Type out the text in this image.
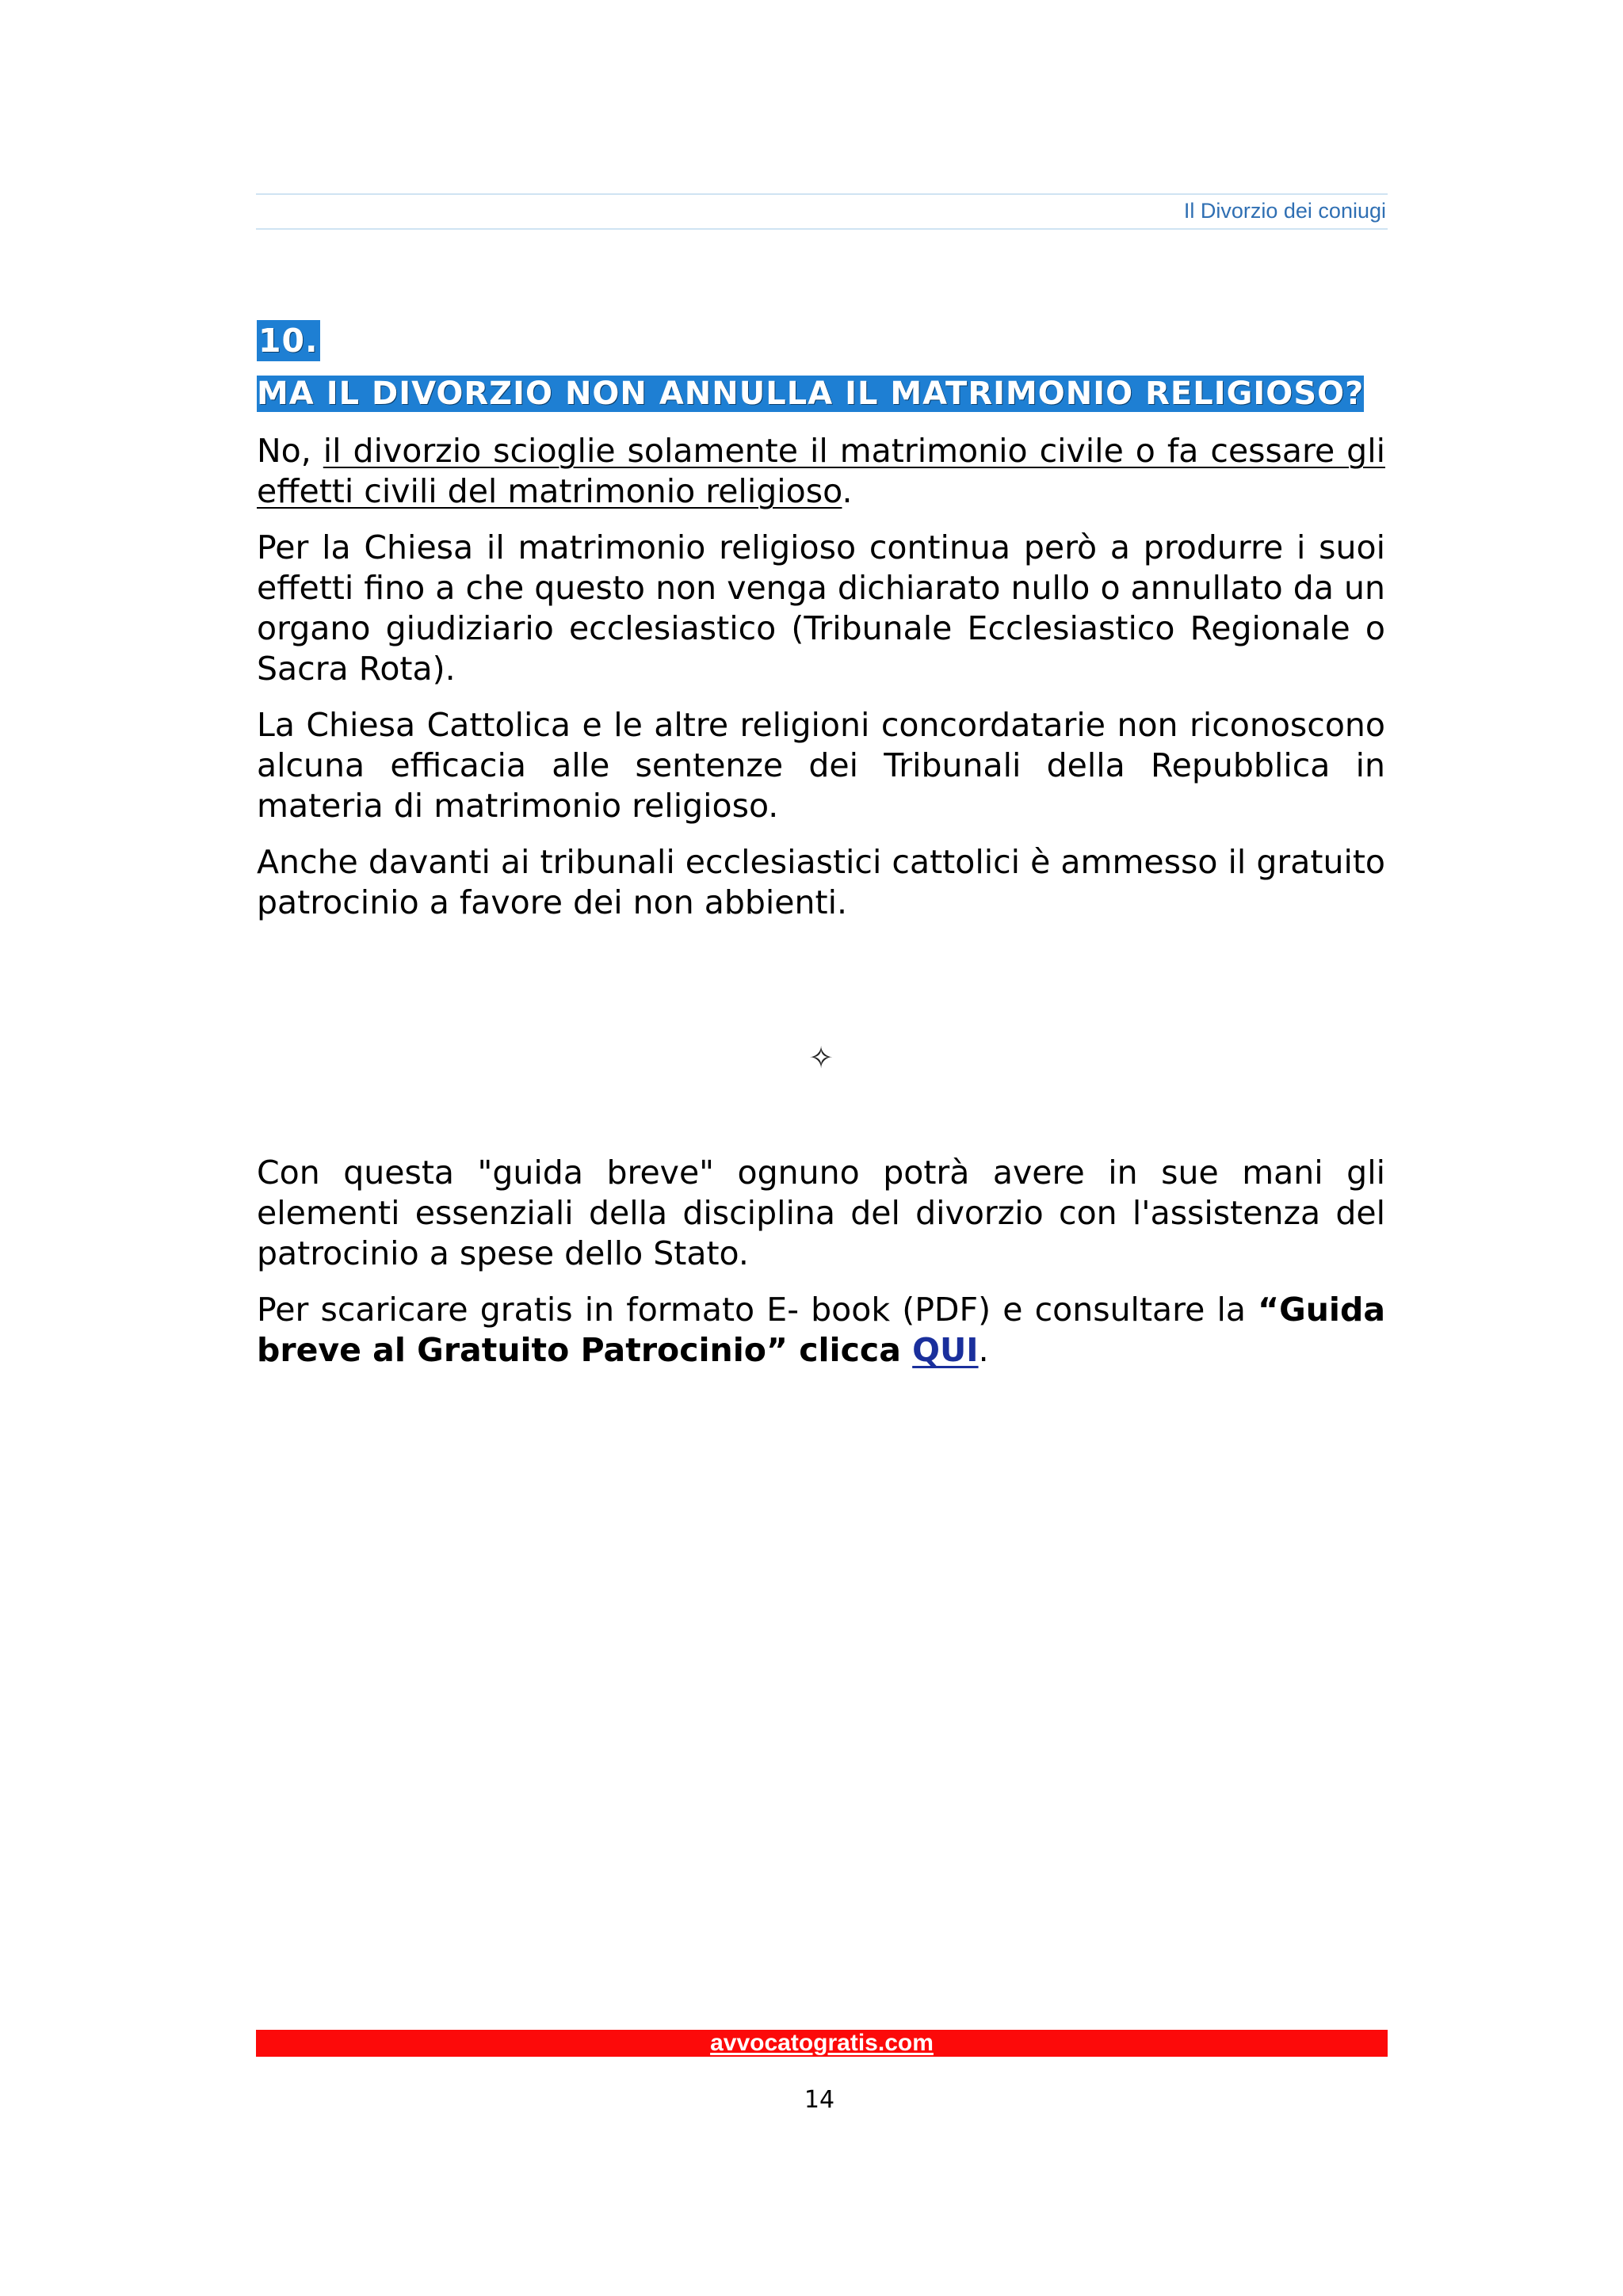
Il Divorzio dei coniugi
10.
MA IL DIVORZIO NON ANNULLA IL MATRIMONIO RELIGIOSO?

No, il divorzio scioglie solamente il matrimonio civile o fa cessare gli effetti civili del matrimonio religioso.

Per la Chiesa il matrimonio religioso continua però a produrre i suoi effetti fino a che questo non venga dichiarato nullo o annullato da un organo giudiziario ecclesiastico (Tribunale Ecclesiastico Regionale o Sacra Rota).

La Chiesa Cattolica e le altre religioni concordatarie non riconoscono alcuna efficacia alle sentenze dei Tribunali della Repubblica in materia di matrimonio religioso.

Anche davanti ai tribunali ecclesiastici cattolici è ammesso il gratuito patrocinio a favore dei non abbienti.

✧

Con questa "guida breve" ognuno potrà avere in sue mani gli elementi essenziali della disciplina del divorzio con l'assistenza del patrocinio a spese dello Stato.

Per scaricare gratis in formato E- book (PDF) e consultare la “Guida breve al Gratuito Patrocinio” clicca QUI.

avvocatogratis.com
14
